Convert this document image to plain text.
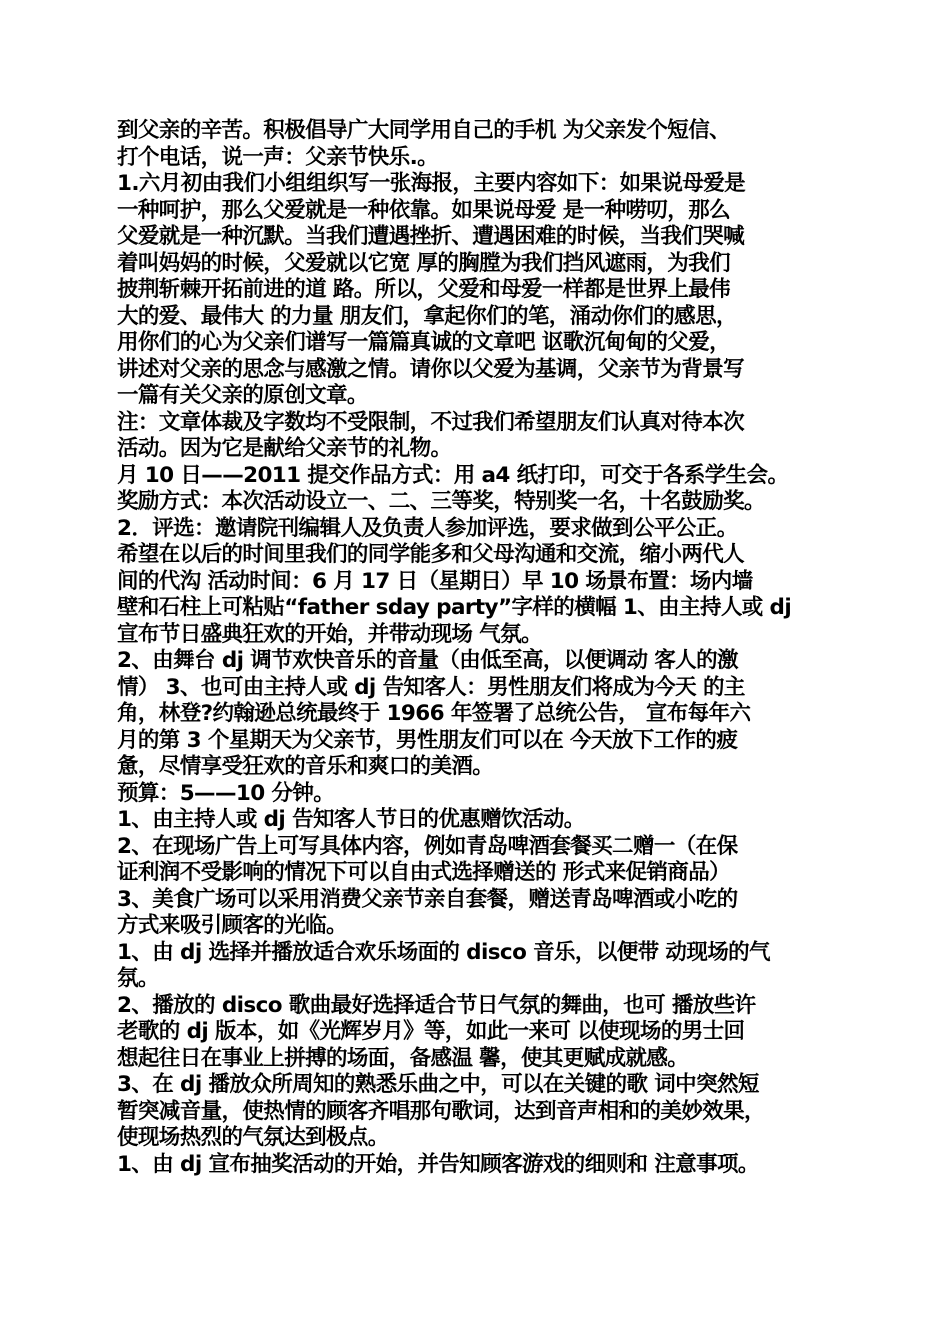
到父亲的辛苦。积极倡导广大同学用自己的手机 为父亲发个短信、
打个电话，说一声：父亲节快乐.。
1.六月初由我们小组组织写一张海报，主要内容如下：如果说母爱是
一种呵护，那么父爱就是一种依靠。如果说母爱 是一种唠叨，那么
父爱就是一种沉默。当我们遭遇挫折、遭遇困难的时候，当我们哭喊
着叫妈妈的时候，父爱就以它宽 厚的胸膛为我们挡风遮雨，为我们
披荆斩棘开拓前进的道 路。所以，父爱和母爱一样都是世界上最伟
大的爱、最伟大 的力量 朋友们，拿起你们的笔，涌动你们的感思，
用你们的心为父亲们谱写一篇篇真诚的文章吧 讴歌沉甸甸的父爱，
讲述对父亲的思念与感激之情。请你以父爱为基调，父亲节为背景写
一篇有关父亲的原创文章。
注：文章体裁及字数均不受限制，不过我们希望朋友们认真对待本次
活动。因为它是献给父亲节的礼物。
月 10 日——2011 提交作品方式：用 a4 纸打印，可交于各系学生会。
奖励方式：本次活动设立一、二、三等奖，特别奖一名，十名鼓励奖。
2．评选：邀请院刊编辑人及负责人参加评选，要求做到公平公正。
希望在以后的时间里我们的同学能多和父母沟通和交流，缩小两代人
间的代沟 活动时间：6 月 17 日（星期日）早 10 场景布置：场内墙
壁和石柱上可粘贴“father sday party”字样的横幅 1、由主持人或 dj
宣布节日盛典狂欢的开始，并带动现场 气氛。
2、由舞台 dj 调节欢快音乐的音量（由低至高，以便调动 客人的激
情） 3、也可由主持人或 dj 告知客人：男性朋友们将成为今天 的主
角，林登?约翰逊总统最终于 1966 年签署了总统公告， 宣布每年六
月的第 3 个星期天为父亲节，男性朋友们可以在 今天放下工作的疲
惫，尽情享受狂欢的音乐和爽口的美酒。
预算：5——10 分钟。
1、由主持人或 dj 告知客人节日的优惠赠饮活动。
2、在现场广告上可写具体内容，例如青岛啤酒套餐买二赠一（在保
证利润不受影响的情况下可以自由式选择赠送的 形式来促销商品）
3、美食广场可以采用消费父亲节亲自套餐，赠送青岛啤酒或小吃的
方式来吸引顾客的光临。
1、由 dj 选择并播放适合欢乐场面的 disco 音乐，以便带 动现场的气
氛。
2、播放的 disco 歌曲最好选择适合节日气氛的舞曲，也可 播放些许
老歌的 dj 版本，如《光辉岁月》等，如此一来可 以使现场的男士回
想起往日在事业上拼搏的场面，备感温 馨，使其更赋成就感。
3、在 dj 播放众所周知的熟悉乐曲之中，可以在关键的歌 词中突然短
暂突减音量，使热情的顾客齐唱那句歌词，达到音声相和的美妙效果，
使现场热烈的气氛达到极点。
1、由 dj 宣布抽奖活动的开始，并告知顾客游戏的细则和 注意事项。
